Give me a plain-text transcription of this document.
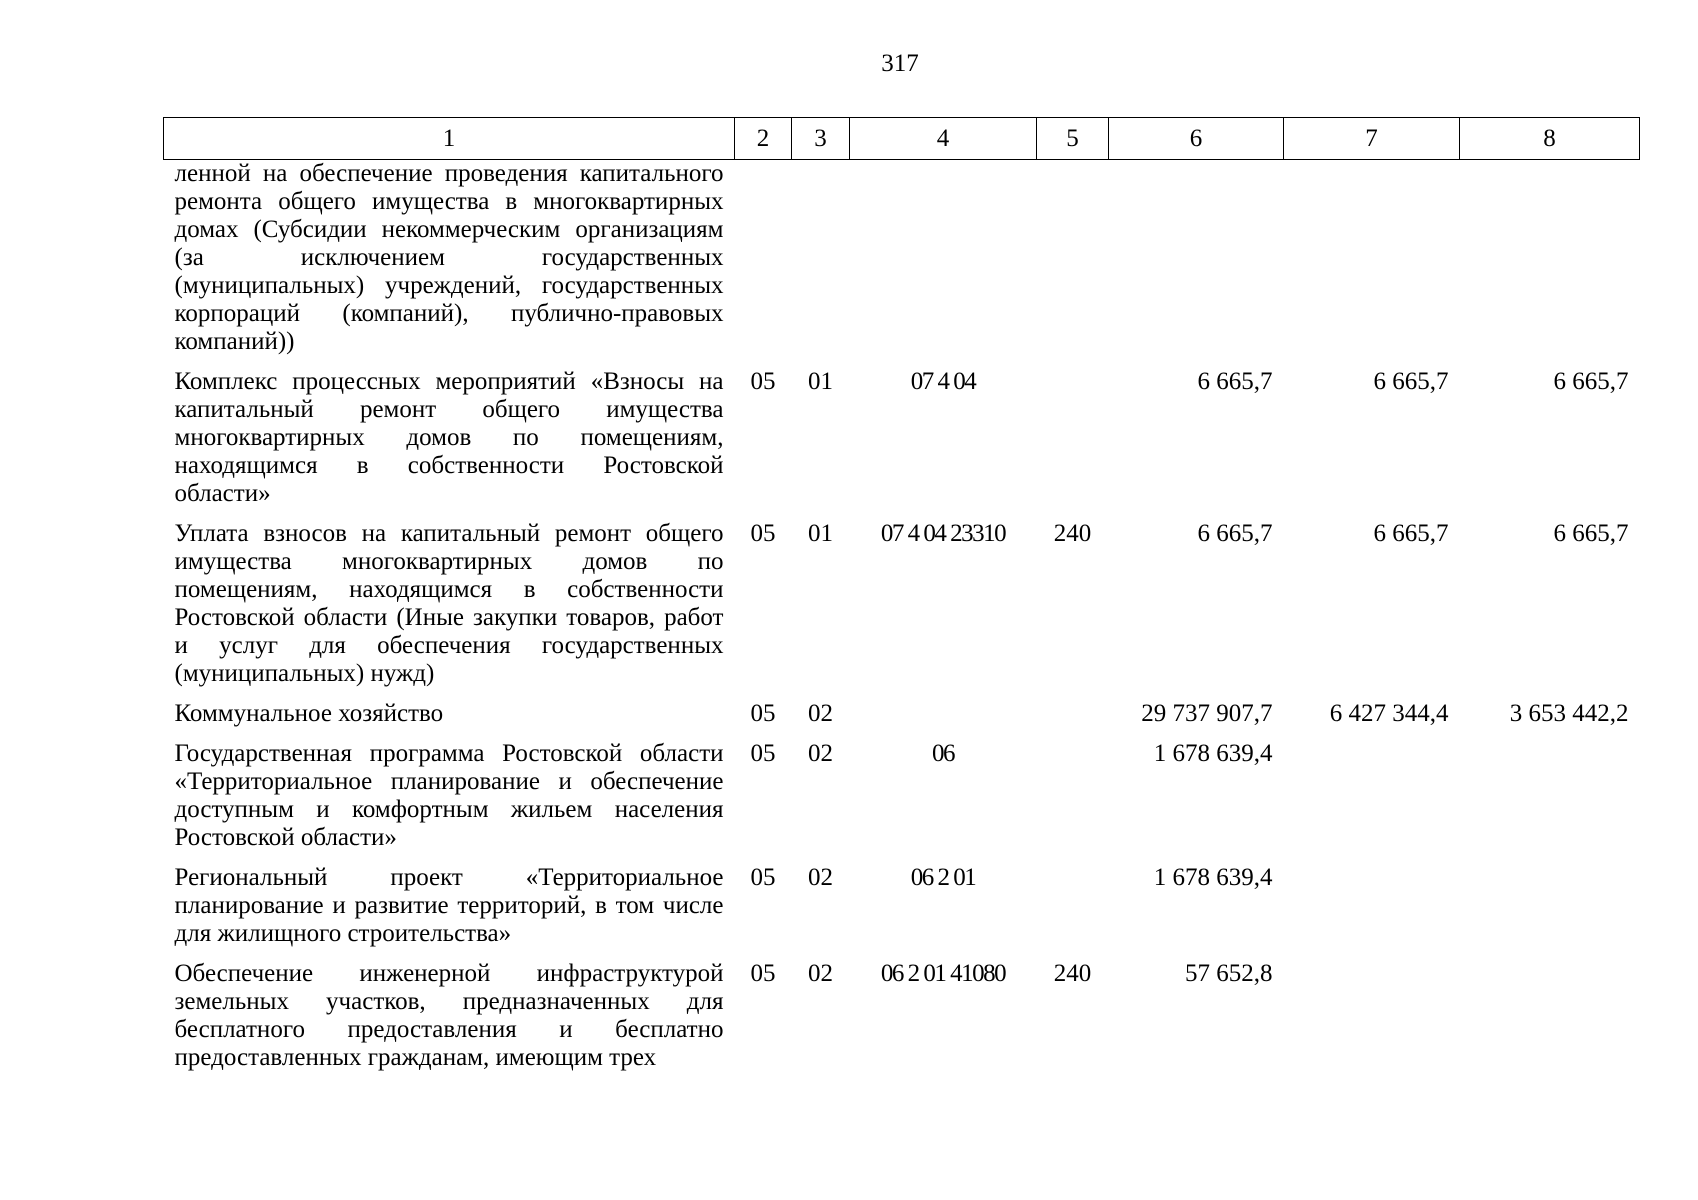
317
1	2	3	4	5	6	7	8
ленной на обеспечение проведения капитального ремонта общего имущества в многоквартирных домах (Субсидии некоммерческим организациям (за исключением государственных (муниципальных) учреждений, государственных корпораций (компаний), публично-правовых компаний))							
Комплекс процессных мероприятий «Взносы на капитальный ремонт общего имущества многоквартирных домов по помещениям, находящимся в собственности Ростовской области»	05	01	07 4 04		6 665,7	6 665,7	6 665,7
Уплата взносов на капитальный ремонт общего имущества многоквартирных домов по помещениям, находящимся в собственности Ростовской области (Иные закупки товаров, работ и услуг для обеспечения государственных (муниципальных) нужд)	05	01	07 4 04 23310	240	6 665,7	6 665,7	6 665,7
Коммунальное хозяйство	05	02			29 737 907,7	6 427 344,4	3 653 442,2
Государственная программа Ростовской области «Территориальное планирование и обеспечение доступным и комфортным жильем населения Ростовской области»	05	02	06		1 678 639,4		
Региональный проект «Территориальное планирование и развитие территорий, в том числе для жилищного строительства»	05	02	06 2 01		1 678 639,4		
Обеспечение инженерной инфраструктурой земельных участков, предназначенных для бесплатного предоставления и бесплатно предоставленных гражданам, имеющим трех	05	02	06 2 01 41080	240	57 652,8		
